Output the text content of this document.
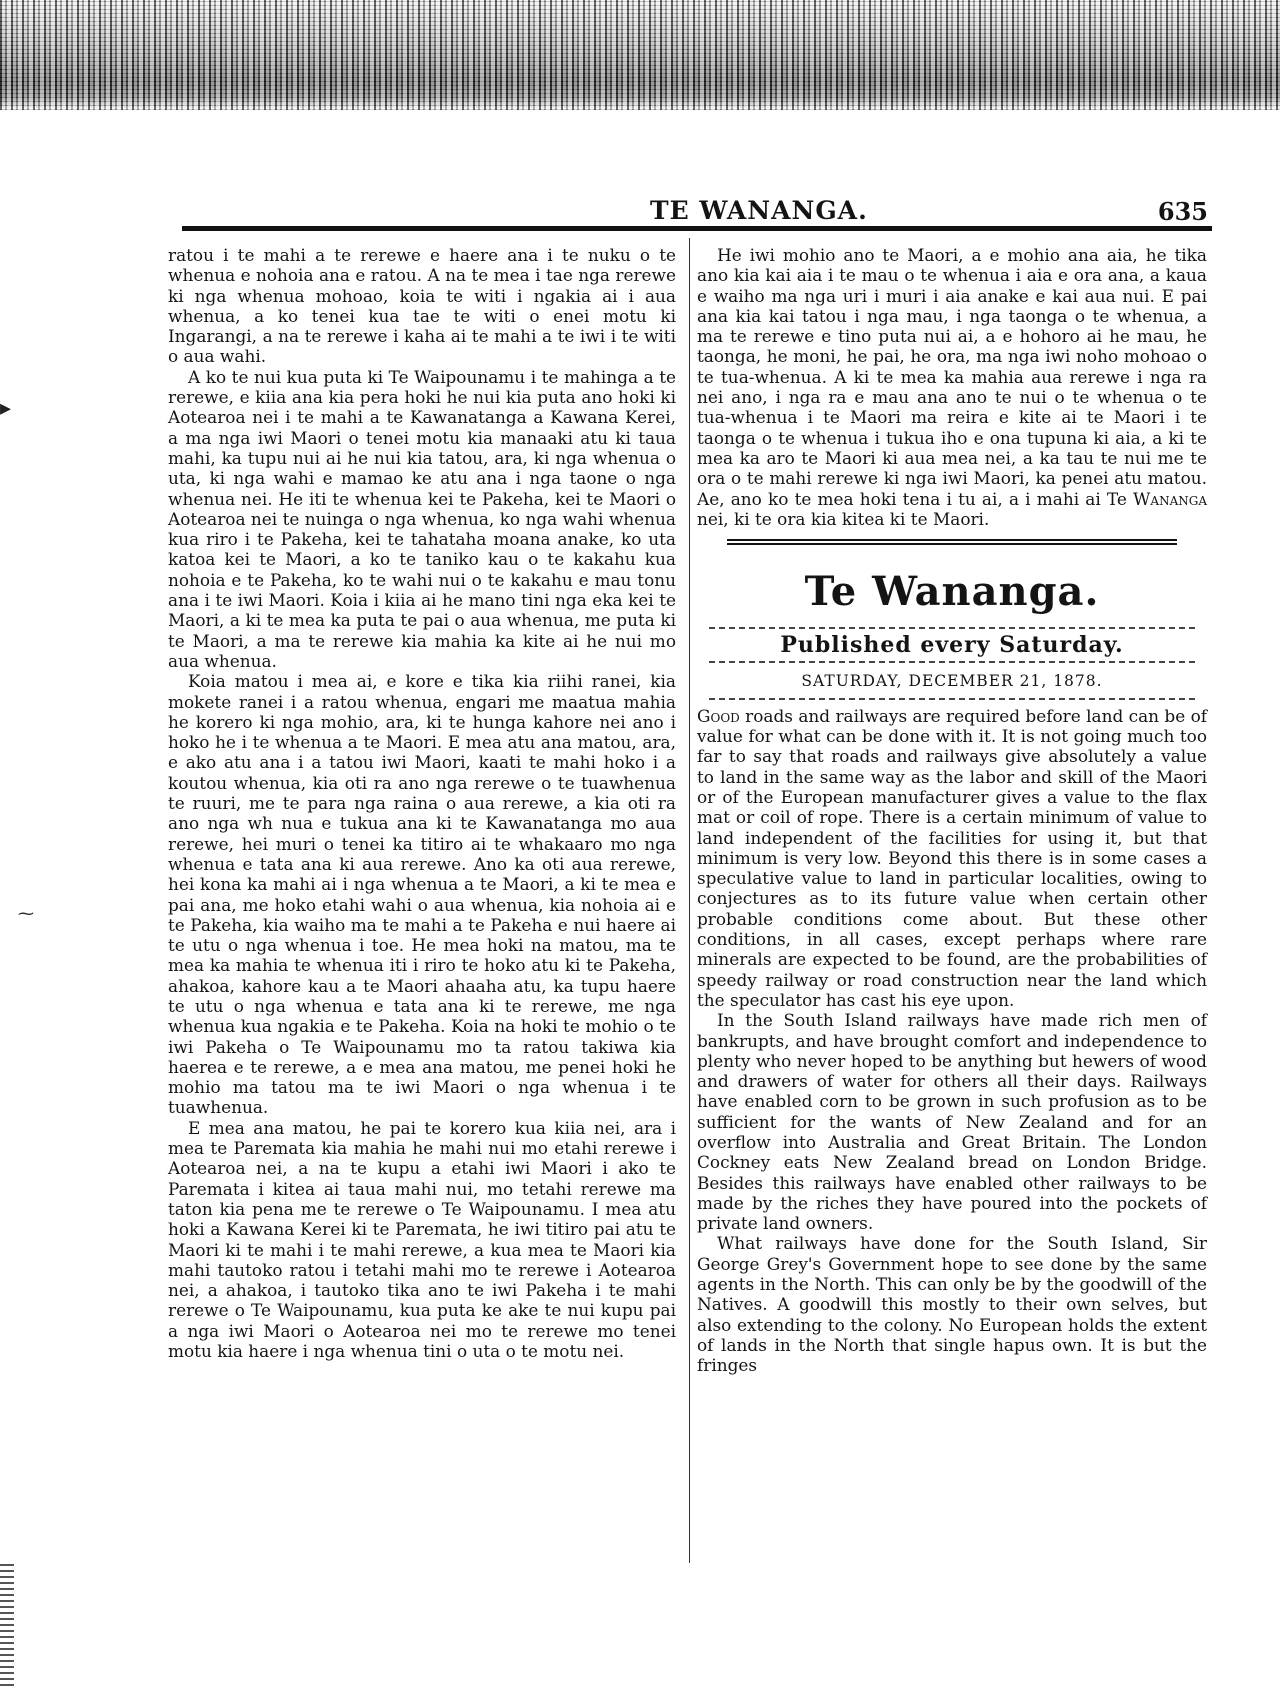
TE WANANGA.	635

ratou i te mahi a te rerewe e haere ana i te nuku o te whenua e nohoia ana e ratou. A na te mea i tae nga rerewe ki nga whenua mohoao, koia te witi i ngakia ai i aua whenua, a ko tenei kua tae te witi o enei motu ki Ingarangi, a na te rerewe i kaha ai te mahi a te iwi i te witi o aua wahi.

A ko te nui kua puta ki Te Waipounamu i te mahinga a te rerewe, e kiia ana kia pera hoki he nui kia puta ano hoki ki Aotearoa nei i te mahi a te Kawanatanga a Kawana Kerei, a ma nga iwi Maori o tenei motu kia manaaki atu ki taua mahi, ka tupu nui ai he nui kia tatou, ara, ki nga whenua o uta, ki nga wahi e mamao ke atu ana i nga taone o nga whenua nei. He iti te whenua kei te Pakeha, kei te Maori o Aotearoa nei te nuinga o nga whenua, ko nga wahi whenua kua riro i te Pakeha, kei te tahataha moana anake, ko uta katoa kei te Maori, a ko te taniko kau o te kakahu kua nohoia e te Pakeha, ko te wahi nui o te kakahu e mau tonu ana i te iwi Maori. Koia i kiia ai he mano tini nga eka kei te Maori, a ki te mea ka puta te pai o aua whenua, me puta ki te Maori, a ma te rerewe kia mahia ka kite ai he nui mo aua whenua.

Koia matou i mea ai, e kore e tika kia riihi ranei, kia mokete ranei i a ratou whenua, engari me maatua mahia he korero ki nga mohio, ara, ki te hunga kahore nei ano i hoko he i te whenua a te Maori. E mea atu ana matou, ara, e ako atu ana i a tatou iwi Maori, kaati te mahi hoko i a koutou whenua, kia oti ra ano nga rerewe o te tuawhenua te ruuri, me te para nga raina o aua rerewe, a kia oti ra ano nga wh nua e tukua ana ki te Kawanatanga mo aua rerewe, hei muri o tenei ka titiro ai te whakaaro mo nga whenua e tata ana ki aua rerewe. Ano ka oti aua rerewe, hei kona ka mahi ai i nga whenua a te Maori, a ki te mea e pai ana, me hoko etahi wahi o aua whenua, kia nohoia ai e te Pakeha, kia waiho ma te mahi a te Pakeha e nui haere ai te utu o nga whenua i toe. He mea hoki na matou, ma te mea ka mahia te whenua iti i riro te hoko atu ki te Pakeha, ahakoa, kahore kau a te Maori ahaaha atu, ka tupu haere te utu o nga whenua e tata ana ki te rerewe, me nga whenua kua ngakia e te Pakeha. Koia na hoki te mohio o te iwi Pakeha o Te Waipounamu mo ta ratou takiwa kia haerea e te rerewe, a e mea ana matou, me penei hoki he mohio ma tatou ma te iwi Maori o nga whenua i te tuawhenua.

E mea ana matou, he pai te korero kua kiia nei, ara i mea te Paremata kia mahia he mahi nui mo etahi rerewe i Aotearoa nei, a na te kupu a etahi iwi Maori i ako te Paremata i kitea ai taua mahi nui, mo tetahi rerewe ma taton kia pena me te rerewe o Te Waipounamu. I mea atu hoki a Kawana Kerei ki te Paremata, he iwi titiro pai atu te Maori ki te mahi i te mahi rerewe, a kua mea te Maori kia mahi tautoko ratou i tetahi mahi mo te rerewe i Aotearoa nei, a ahakoa, i tautoko tika ano te iwi Pakeha i te mahi rerewe o Te Waipounamu, kua puta ke ake te nui kupu pai a nga iwi Maori o Aotearoa nei mo te rerewe mo tenei motu kia haere i nga whenua tini o uta o te motu nei.

He iwi mohio ano te Maori, a e mohio ana aia, he tika ano kia kai aia i te mau o te whenua i aia e ora ana, a kaua e waiho ma nga uri i muri i aia anake e kai aua nui. E pai ana kia kai tatou i nga mau, i nga taonga o te whenua, a ma te rerewe e tino puta nui ai, a e hohoro ai he mau, he taonga, he moni, he pai, he ora, ma nga iwi noho mohoao o te tua-whenua. A ki te mea ka mahia aua rerewe i nga ra nei ano, i nga ra e mau ana ano te nui o te whenua o te tua-whenua i te Maori ma reira e kite ai te Maori i te taonga o te whenua i tukua iho e ona tupuna ki aia, a ki te mea ka aro te Maori ki aua mea nei, a ka tau te nui me te ora o te mahi rerewe ki nga iwi Maori, ka penei atu matou. Ae, ano ko te mea hoki tena i tu ai, a i mahi ai Te Wananga nei, ki te ora kia kitea ki te Maori.

Te Wananga.
Published every Saturday.
SATURDAY, DECEMBER 21, 1878.

Good roads and railways are required before land can be of value for what can be done with it. It is not going much too far to say that roads and railways give absolutely a value to land in the same way as the labor and skill of the Maori or of the European manufacturer gives a value to the flax mat or coil of rope. There is a certain minimum of value to land independent of the facilities for using it, but that minimum is very low. Beyond this there is in some cases a speculative value to land in particular localities, owing to conjectures as to its future value when certain other probable conditions come about. But these other conditions, in all cases, except perhaps where rare minerals are expected to be found, are the probabilities of speedy railway or road construction near the land which the speculator has cast his eye upon.

In the South Island railways have made rich men of bankrupts, and have brought comfort and independence to plenty who never hoped to be anything but hewers of wood and drawers of water for others all their days. Railways have enabled corn to be grown in such profusion as to be sufficient for the wants of New Zealand and for an overflow into Australia and Great Britain. The London Cockney eats New Zealand bread on London Bridge. Besides this railways have enabled other railways to be made by the riches they have poured into the pockets of private land owners.

What railways have done for the South Island, Sir George Grey's Government hope to see done by the same agents in the North. This can only be by the goodwill of the Natives. A goodwill this mostly to their own selves, but also extending to the colony. No European holds the extent of lands in the North that single hapus own. It is but the fringes

▸
⁓
